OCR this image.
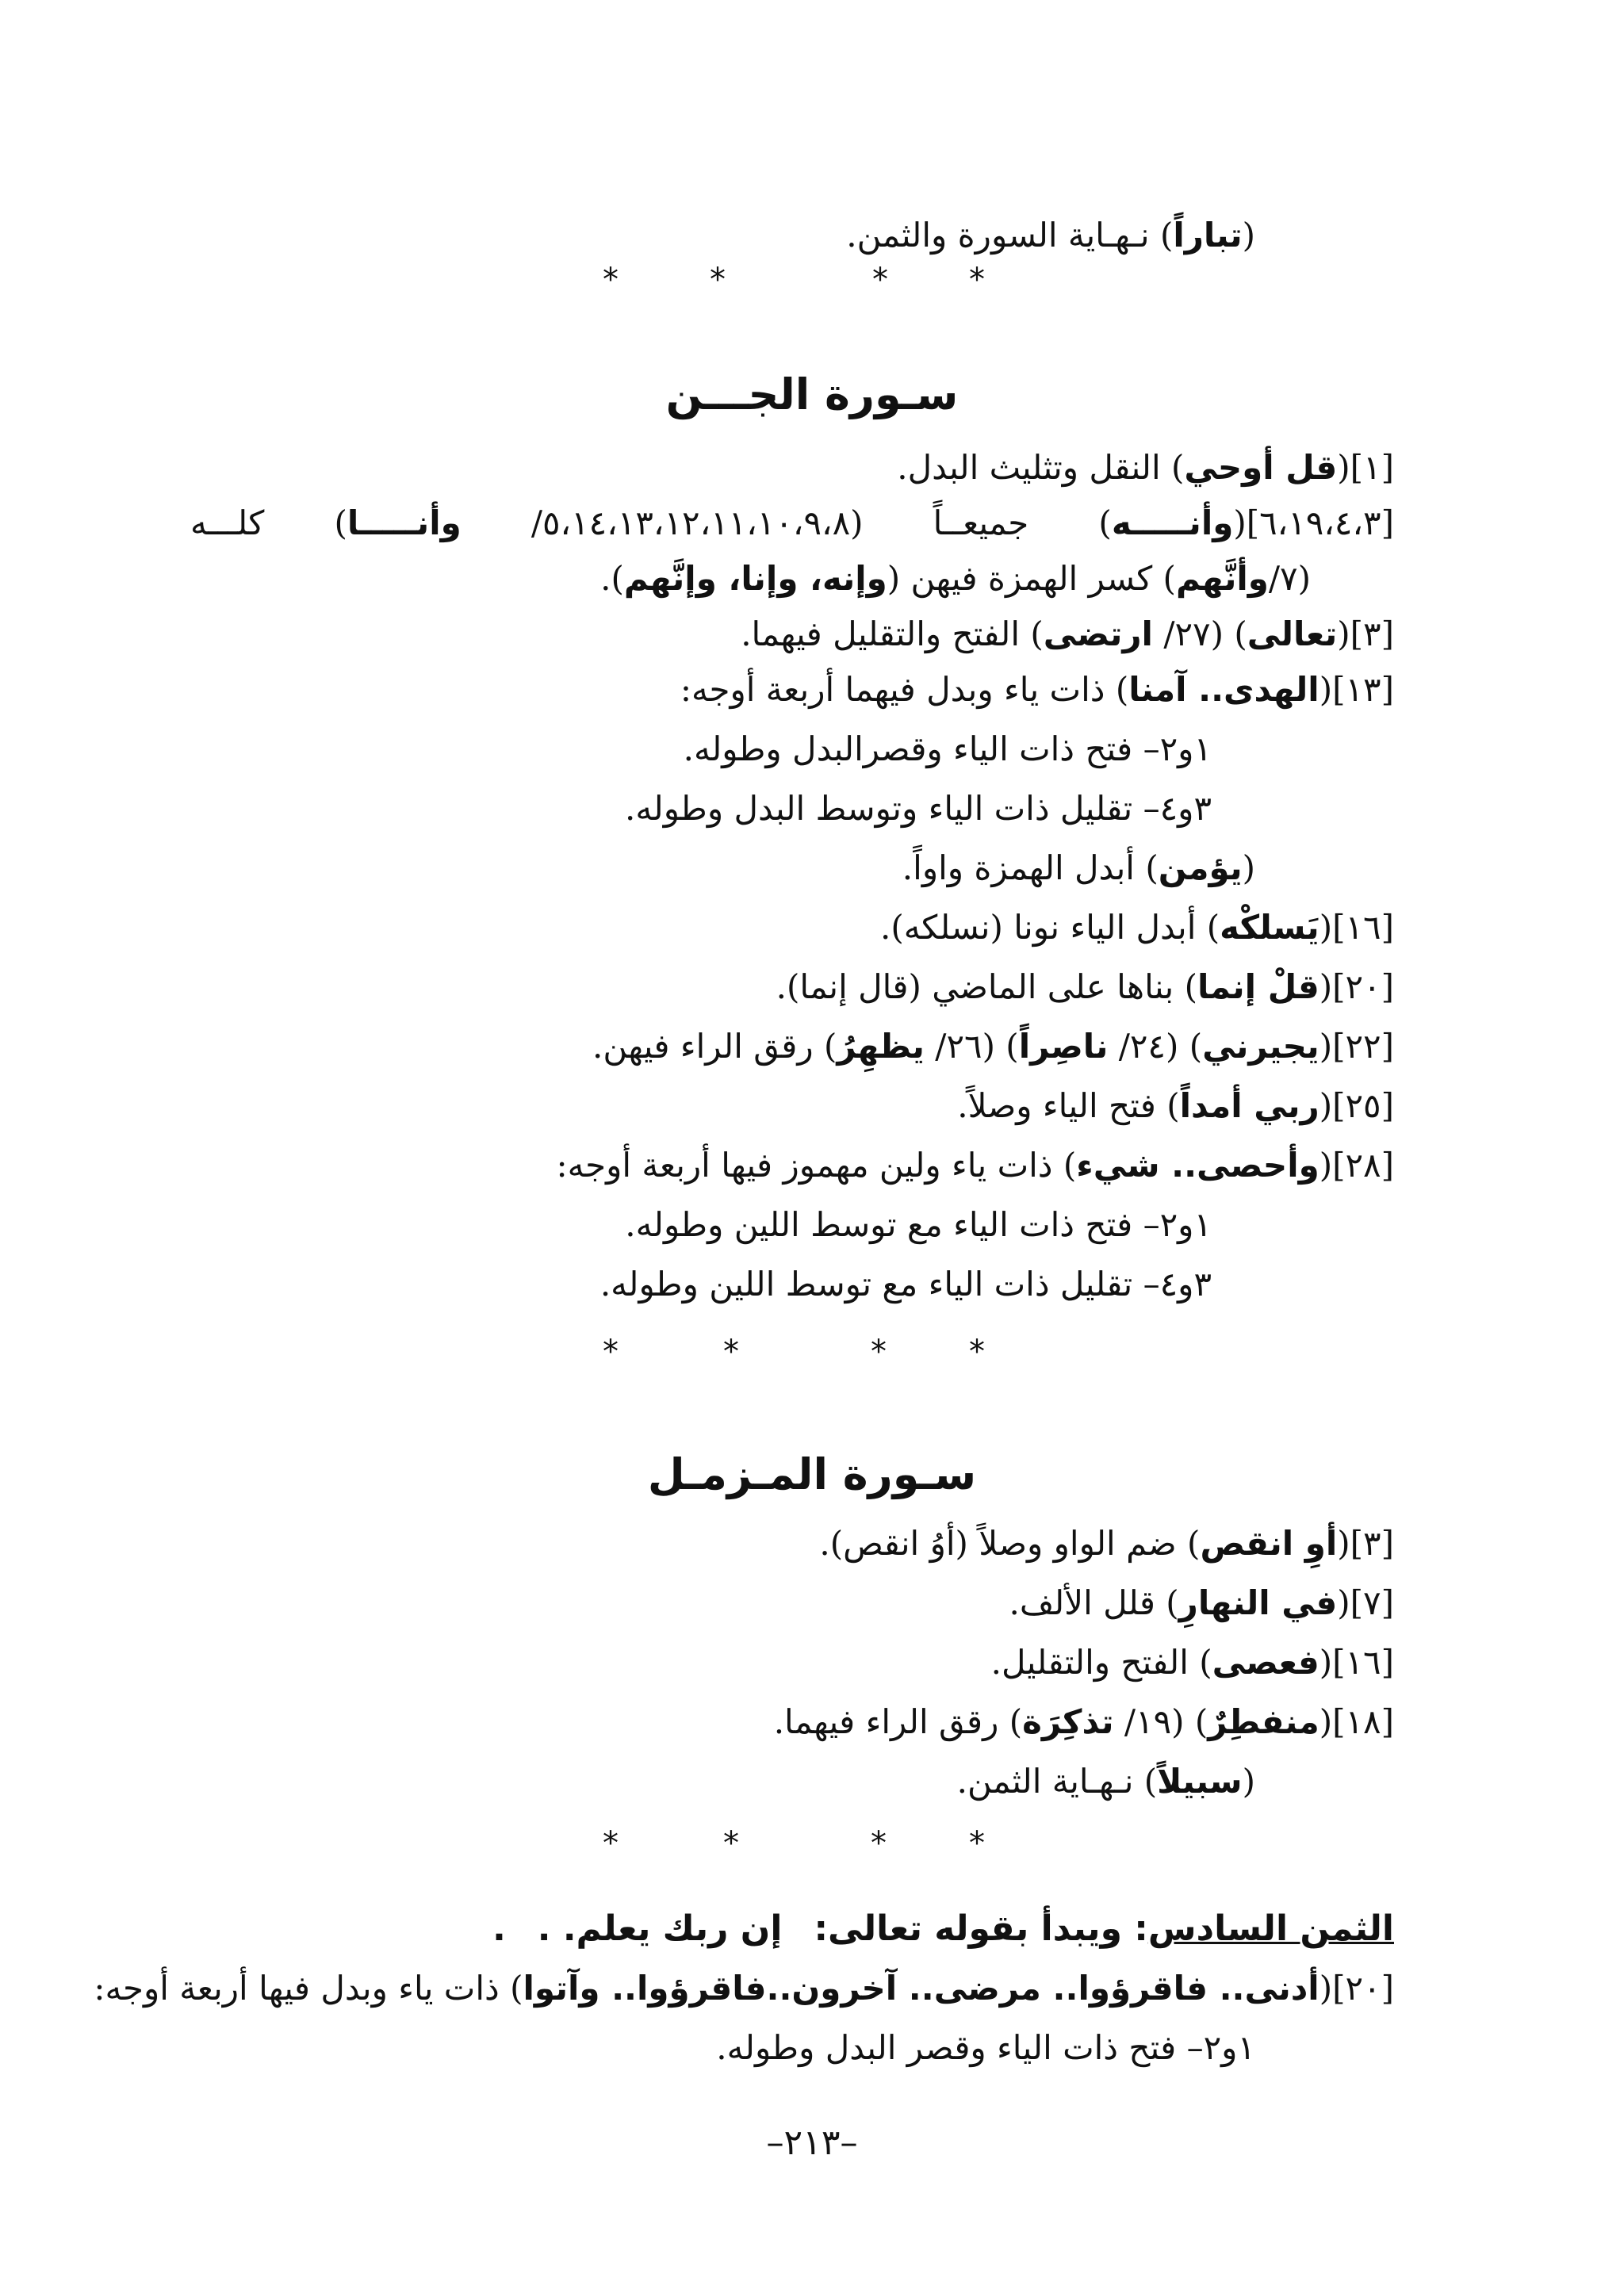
(تباراً) نـهـاية السورة والثمن.
*	*	*	*
سـورة الجـــن
[١](قل أوحي) النقل وتثليث البدل.
[٦،١٩،٤،٣](وأنـــــه) جميعــاً (٥،١٤،١٣،١٢،١١،١٠،٩،٨/ وأنـــــا) كلـــه
(٧/وأنَّهم) كسر الهمزة فيهن (وإنه، وإنا، وإنَّهم).
[٣](تعالى) (٢٧/ ارتضى) الفتح والتقليل فيهما.
[١٣](الهدى.. آمنا) ذات ياء وبدل فيهما أربعة أوجه:
١و٢– فتح ذات الياء وقصرالبدل وطوله.
٣و٤– تقليل ذات الياء وتوسط البدل وطوله.
(يؤمن) أبدل الهمزة واواً.
[١٦](يَسلكْه) أبدل الياء نونا (نسلكه).
[٢٠](قلْ إنما) بناها على الماضي (قال إنما).
[٢٢](يجيرني) (٢٤/ ناصِراً) (٢٦/ يظهِرُ) رقق الراء فيهن.
[٢٥](ربي أمداً) فتح الياء وصلاً.
[٢٨](وأحصى.. شيء) ذات ياء ولين مهموز فيها أربعة أوجه:
١و٢– فتح ذات الياء مع توسط اللين وطوله.
٣و٤– تقليل ذات الياء مع توسط اللين وطوله.
*	*	*	*
سـورة المـزمـل
[٣](أوِ انقص) ضم الواو وصلاً (أوُ انقص).
[٧](في النهارِ) قلل الألف.
[١٦](فعصى) الفتح والتقليل.
[١٨](منفطِرٌ) (١٩/ تذكِرَة) رقق الراء فيهما.
(سبيلاً) نـهـاية الثمن.
*	*	*	*
الثمن السادس: ويبدأ بقوله تعالى:إن ربك يعلم. ..
[٢٠](أدنى.. فاقرؤوا.. مرضى.. آخرون..فاقرؤوا.. وآتوا) ذات ياء وبدل فيها أربعة أوجه:
١و٢– فتح ذات الياء وقصر البدل وطوله.
–٢١٣–
